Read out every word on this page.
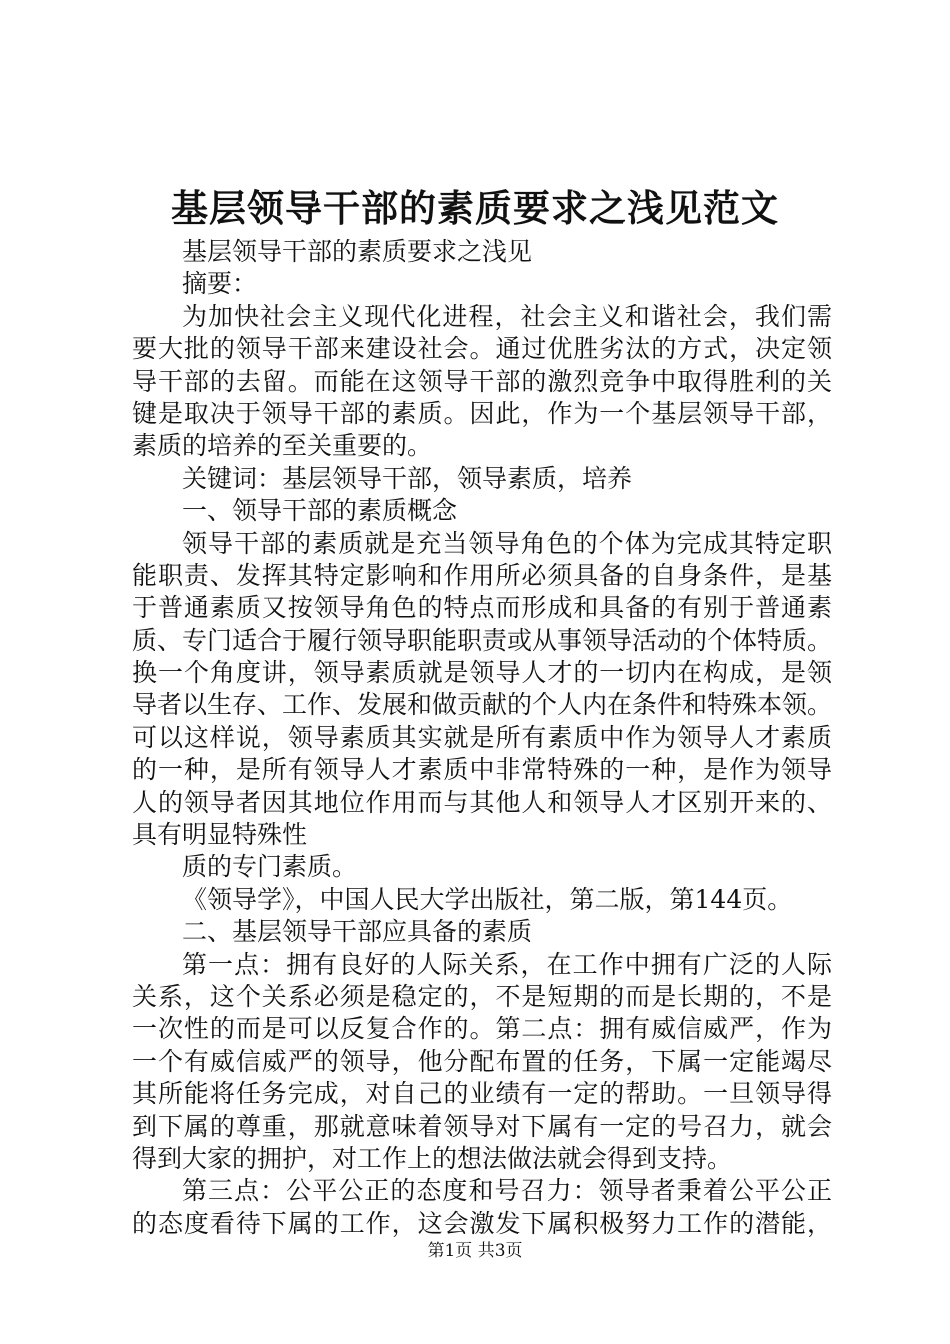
基层领导干部的素质要求之浅见范文
基层领导干部的素质要求之浅见
摘要：
为加快社会主义现代化进程，社会主义和谐社会，我们需
要大批的领导干部来建设社会。通过优胜劣汰的方式，决定领
导干部的去留。而能在这领导干部的激烈竞争中取得胜利的关
键是取决于领导干部的素质。因此，作为一个基层领导干部，
素质的培养的至关重要的。
关键词：基层领导干部，领导素质，培养
一、领导干部的素质概念
领导干部的素质就是充当领导角色的个体为完成其特定职
能职责、发挥其特定影响和作用所必须具备的自身条件，是基
于普通素质又按领导角色的特点而形成和具备的有别于普通素
质、专门适合于履行领导职能职责或从事领导活动的个体特质。
换一个角度讲，领导素质就是领导人才的一切内在构成，是领
导者以生存、工作、发展和做贡献的个人内在条件和特殊本领。
可以这样说，领导素质其实就是所有素质中作为领导人才素质
的一种，是所有领导人才素质中非常特殊的一种，是作为领导
人的领导者因其地位作用而与其他人和领导人才区别开来的、
具有明显特殊性
质的专门素质。
《领导学》，中国人民大学出版社，第二版，第144页。
二、基层领导干部应具备的素质
第一点：拥有良好的人际关系，在工作中拥有广泛的人际
关系，这个关系必须是稳定的，不是短期的而是长期的，不是
一次性的而是可以反复合作的。第二点：拥有威信威严，作为
一个有威信威严的领导，他分配布置的任务，下属一定能竭尽
其所能将任务完成，对自己的业绩有一定的帮助。一旦领导得
到下属的尊重，那就意味着领导对下属有一定的号召力，就会
得到大家的拥护，对工作上的想法做法就会得到支持。
第三点：公平公正的态度和号召力：领导者秉着公平公正
的态度看待下属的工作，这会激发下属积极努力工作的潜能，
第1页 共3页
